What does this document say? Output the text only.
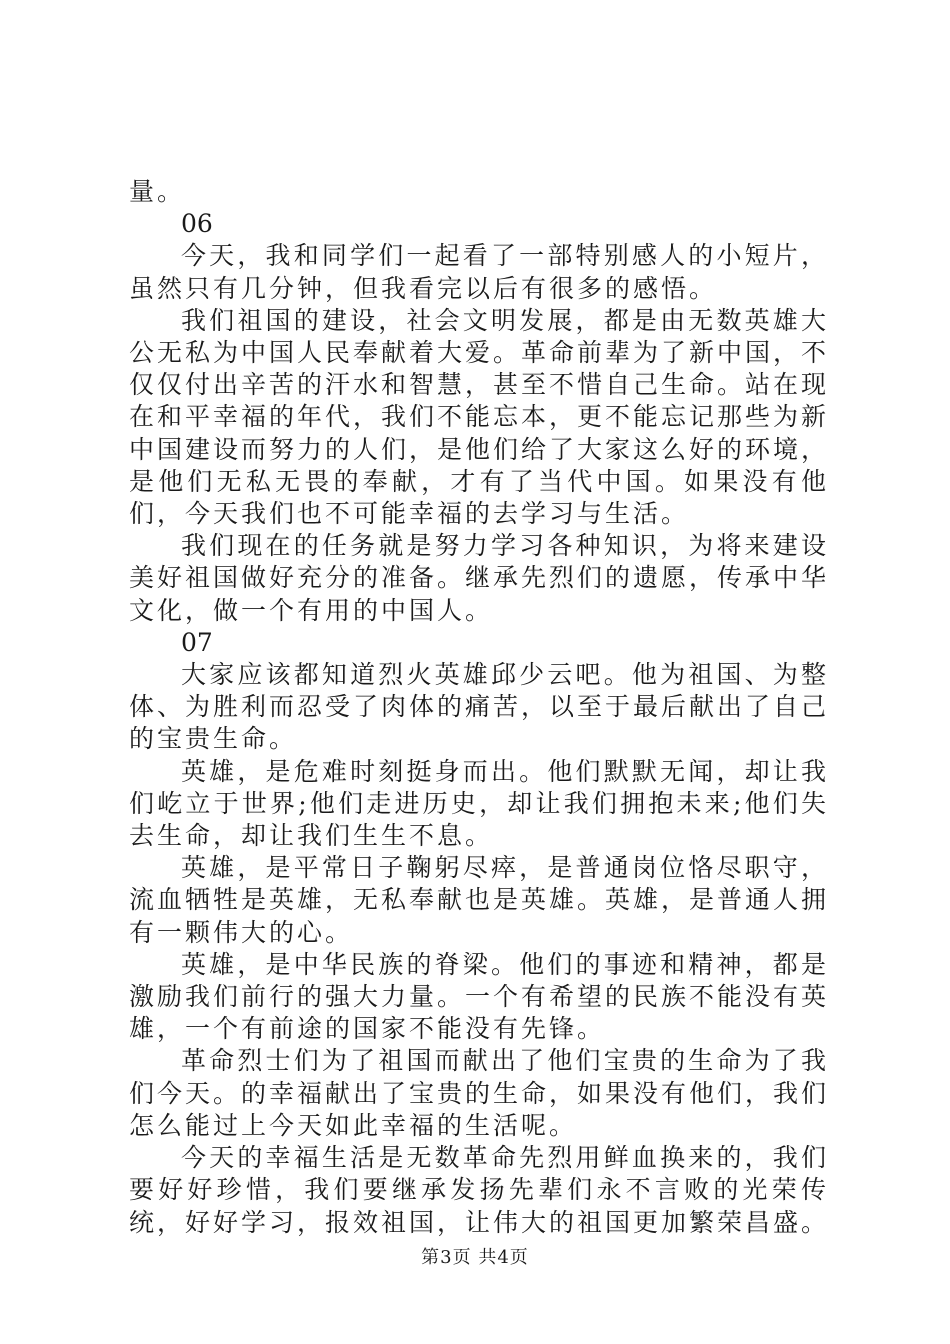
量。

06

今天，我和同学们一起看了一部特别感人的小短片，虽然只有几分钟，但我看完以后有很多的感悟。

我们祖国的建设，社会文明发展，都是由无数英雄大公无私为中国人民奉献着大爱。革命前辈为了新中国，不仅仅付出辛苦的汗水和智慧，甚至不惜自己生命。站在现在和平幸福的年代，我们不能忘本，更不能忘记那些为新中国建设而努力的人们，是他们给了大家这么好的环境，是他们无私无畏的奉献，才有了当代中国。如果没有他们，今天我们也不可能幸福的去学习与生活。

我们现在的任务就是努力学习各种知识，为将来建设美好祖国做好充分的准备。继承先烈们的遗愿，传承中华文化，做一个有用的中国人。

07

大家应该都知道烈火英雄邱少云吧。他为祖国、为整体、为胜利而忍受了肉体的痛苦，以至于最后献出了自己的宝贵生命。

英雄，是危难时刻挺身而出。他们默默无闻，却让我们屹立于世界;他们走进历史，却让我们拥抱未来;他们失去生命，却让我们生生不息。

英雄，是平常日子鞠躬尽瘁，是普通岗位恪尽职守，流血牺牲是英雄，无私奉献也是英雄。英雄，是普通人拥有一颗伟大的心。

英雄，是中华民族的脊梁。他们的事迹和精神，都是激励我们前行的强大力量。一个有希望的民族不能没有英雄，一个有前途的国家不能没有先锋。

革命烈士们为了祖国而献出了他们宝贵的生命为了我们今天。的幸福献出了宝贵的生命，如果没有他们，我们怎么能过上今天如此幸福的生活呢。

今天的幸福生活是无数革命先烈用鲜血换来的，我们要好好珍惜，我们要继承发扬先辈们永不言败的光荣传统，好好学习，报效祖国，让伟大的祖国更加繁荣昌盛。

第3页 共4页
